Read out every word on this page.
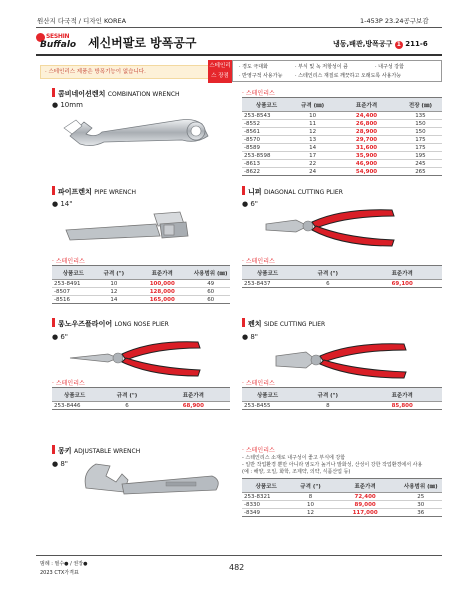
원산지 다국적 / 디자인 KOREA	1-453P 23.24공구보감
SESHIN
Buffalo 세신버팔로 방폭공구	냉동,배관,방폭공구 1 211-6
· 스테인리스 제품은 방폭기능이 없습니다.
스테인리스 장점
· 경도 극대화	· 부식 및 녹 저항성이 큼	· 내구성 강함
· 반영구적 사용가능	· 스테인리스 재질로 깨끗하고 오래도록 사용가능
콤비네이션렌치 COMBINATION WRENCH
● 10mm
· 스테인리스
상품코드	규격 (㎜)	표준가격	전장 (㎜)
253-8543	10	24,400	135
-8552	11	26,800	150
-8561	12	28,900	150
-8570	13	29,700	175
-8589	14	31,600	175
253-8598	17	35,900	195
-8613	22	46,900	245
-8622	24	54,900	265
파이프렌치 PIPE WRENCH
● 14"
· 스테인리스
상품코드	규격 (")	표준가격	사용범위 (㎜)
253-8491	10	100,000	49
-8507	12	128,000	60
-8516	14	165,000	60
니퍼 DIAGONAL CUTTING PLIER
● 6"
· 스테인리스
상품코드	규격 (")	표준가격
253-8437	6	69,100
롱노우즈플라이어 LONG NOSE PLIER
● 6"
· 스테인리스
상품코드	규격 (")	표준가격
253-8446	6	68,900
펜치 SIDE CUTTING PLIER
● 8"
· 스테인리스
상품코드	규격 (")	표준가격
253-8455	8	85,800
몽키 ADJUSTABLE WRENCH
● 8"
· 스테인리스
- 스테인리스 소재로 내구성이 좋고 부식에 강함
- 일반 작업환경 뿐만 아니라 염도가 높거나 발화성, 산성이 강한 작업환경에서 사용
(예 : 해양, 오일, 화학, 조제약, 의약, 식품산업 등)
상품코드	규격 (")	표준가격	사용범위 (㎜)
253-8321	8	72,400	25
-8330	10	89,000	30
-8349	12	117,000	36
범례 : 필수● / 권장●
2023 CTX가격표
482
